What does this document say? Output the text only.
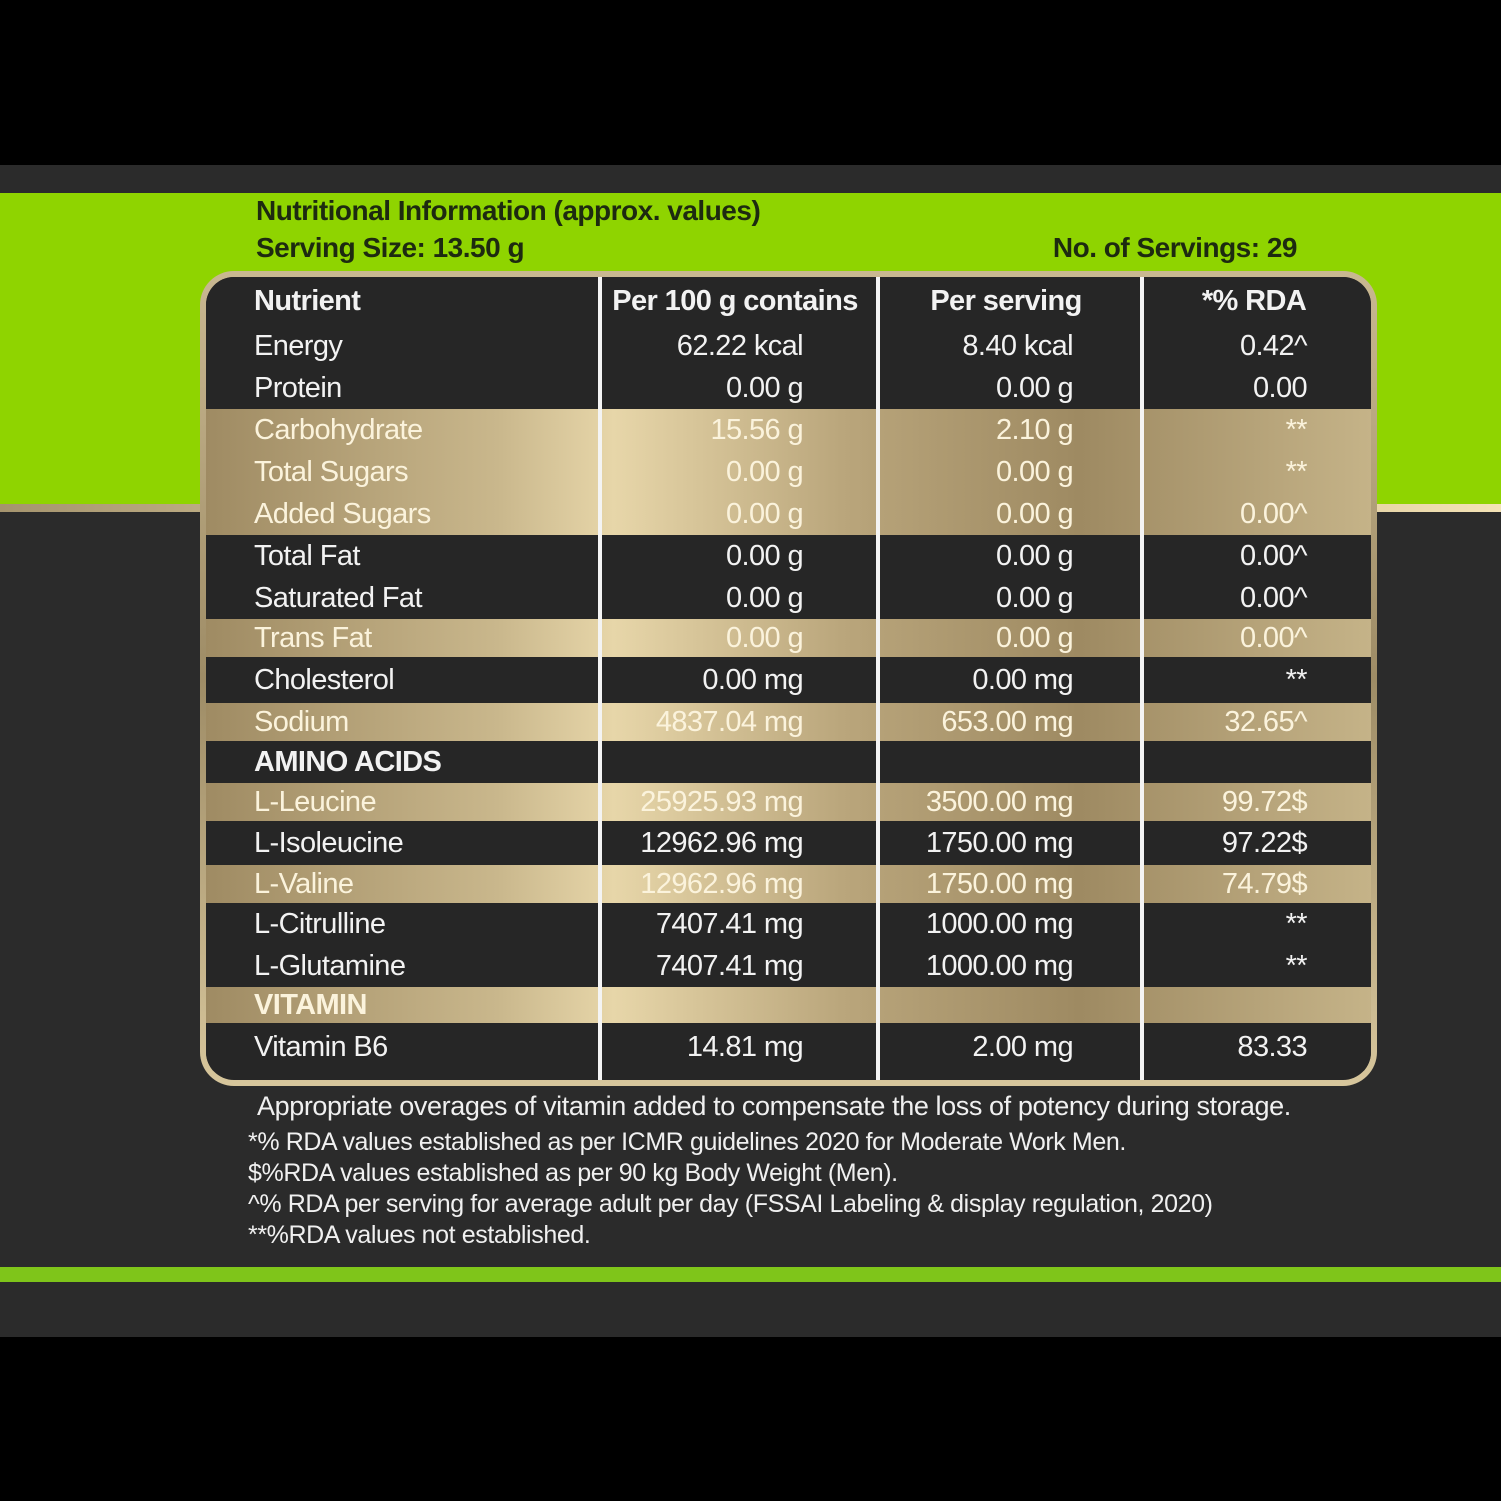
Nutritional Information (approx. values)
Serving Size: 13.50 g	No. of Servings: 29
Nutrient	Per 100 g contains	Per serving	*% RDA
Energy	62.22 kcal	8.40 kcal	0.42^
Protein	0.00 g	0.00 g	0.00
Carbohydrate	15.56 g	2.10 g	**
Total Sugars	0.00 g	0.00 g	**
Added Sugars	0.00 g	0.00 g	0.00^
Total Fat	0.00 g	0.00 g	0.00^
Saturated Fat	0.00 g	0.00 g	0.00^
Trans Fat	0.00 g	0.00 g	0.00^
Cholesterol	0.00 mg	0.00 mg	**
Sodium	4837.04 mg	653.00 mg	32.65^
AMINO ACIDS
L-Leucine	25925.93 mg	3500.00 mg	99.72$
L-Isoleucine	12962.96 mg	1750.00 mg	97.22$
L-Valine	12962.96 mg	1750.00 mg	74.79$
L-Citrulline	7407.41 mg	1000.00 mg	**
L-Glutamine	7407.41 mg	1000.00 mg	**
VITAMIN
Vitamin B6	14.81 mg	2.00 mg	83.33
Appropriate overages of vitamin added to compensate the loss of potency during storage.
*% RDA values established as per ICMR guidelines 2020 for Moderate Work Men.
$%RDA values established as per 90 kg Body Weight (Men).
^% RDA per serving for average adult per day (FSSAI Labeling & display regulation, 2020)
**%RDA values not established.
